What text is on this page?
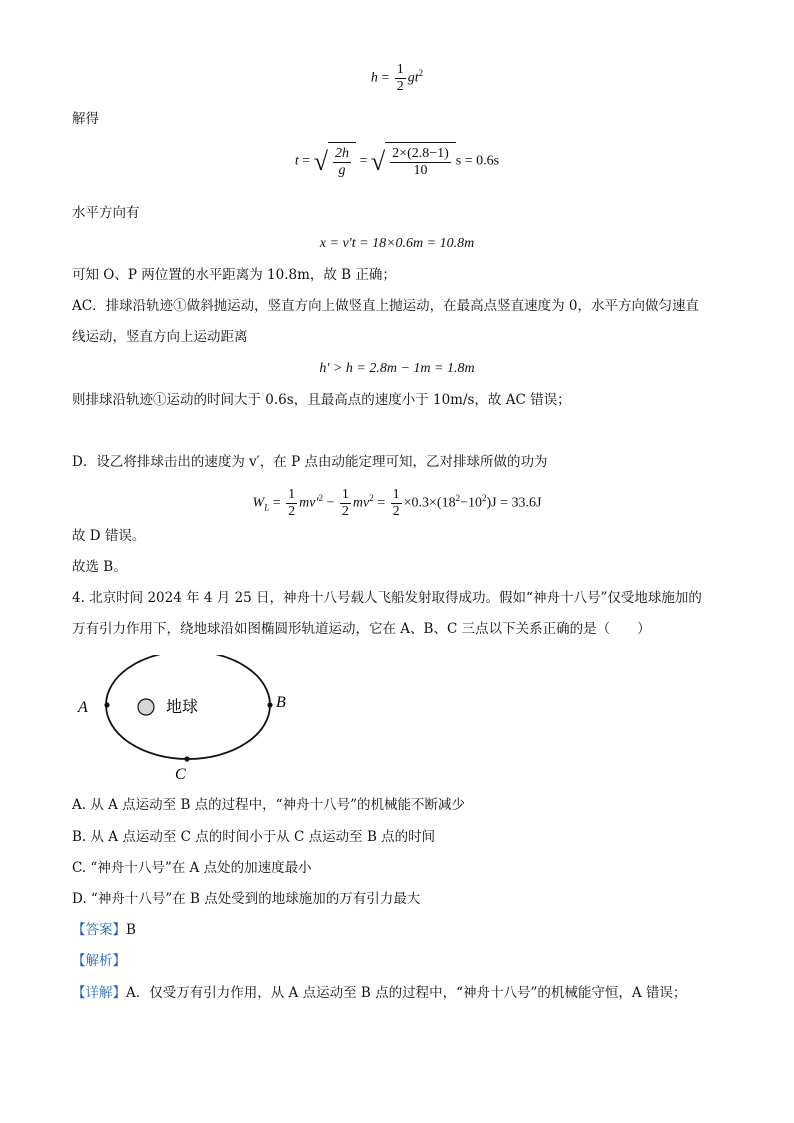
$h = \frac{1}{2} gt^2$
解得
t = √ $\frac{2h}{g}$ = √ $\frac{2\times(2.8-1)}{10}$ s = 0.6s
水平方向有
x = v′t = 18×0.6m = 10.8m
可知 O、P 两位置的水平距离为 10.8m，故 B 正确；
AC．排球沿轨迹①做斜抛运动，竖直方向上做竖直上抛运动，在最高点竖直速度为 0，水平方向做匀速直
线运动，竖直方向上运动距离
h′ > h = 2.8m − 1m = 1.8m
则排球沿轨迹①运动的时间大于 0.6s，且最高点的速度小于 10m/s，故 AC 错误；
D．设乙将排球击出的速度为 v′，在 P 点由动能定理可知，乙对排球所做的功为
$W_L = \frac{1}{2} mv'^2 - \frac{1}{2} mv^2 = \frac{1}{2} \times 0.3\times(18^2-10^2)J = 33.6J$
故 D 错误。
故选 B。
4. 北京时间 2024 年 4 月 25 日，神舟十八号载人飞船发射取得成功。假如“神舟十八号”仅受地球施加的
万有引力作用下，绕地球沿如图椭圆形轨道运动，它在 A、B、C 三点以下关系正确的是（　　）
A	B
C
地球
A. 从 A 点运动至 B 点的过程中，“神舟十八号”的机械能不断减少
B. 从 A 点运动至 C 点的时间小于从 C 点运动至 B 点的时间
C. “神舟十八号”在 A 点处的加速度最小
D. “神舟十八号”在 B 点处受到的地球施加的万有引力最大
【答案】B
【解析】
【详解】A．仅受万有引力作用，从 A 点运动至 B 点的过程中，“神舟十八号”的机械能守恒，A 错误；
